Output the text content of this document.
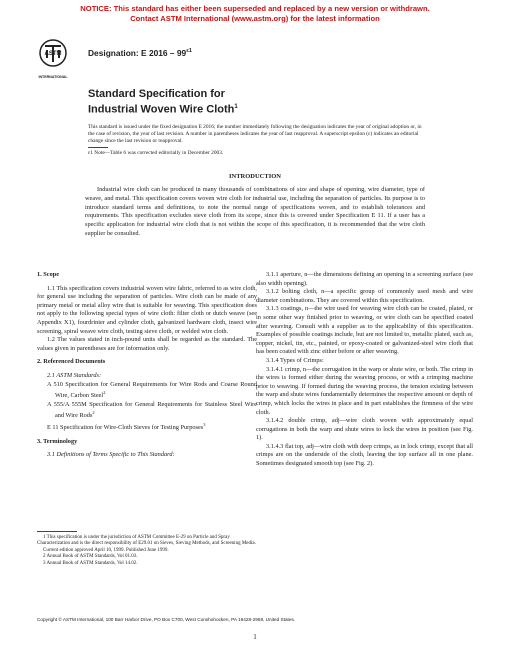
NOTICE: This standard has either been superseded and replaced by a new version or withdrawn.
Contact ASTM International (www.astm.org) for the latest information
ASTM
INTERNATIONAL
Designation: E $2016 - 99^{\varepsilon 1}$
Standard Specification for
Industrial Woven Wire Cloth$^1$
This standard is issued under the fixed designation E 2016; the number immediately following the designation indicates the year of original adoption or, in the case of revision, the year of last revision. A number in parentheses indicates the year of last reapproval. A superscript epsilon (ε) indicates an editorial change since the last revision or reapproval.
ε1 Note—Table 6 was corrected editorially in December 2003.
INTRODUCTION
Industrial wire cloth can be produced in many thousands of combinations of size and shape of opening, wire diameter, type of weave, and metal. This specification covers woven wire cloth for industrial use, including the separation of particles. Its purpose is to introduce standard terms and definitions, to note the normal range of specifications woven, and to establish tolerances and requirements. This specification excludes sieve cloth from its scope, since this is covered under Specification E 11. If a user has a specific application for industrial wire cloth that is not within the scope of this specification, it is recommended that the wire cloth supplier be consulted.

1. Scope

1.1 This specification covers industrial woven wire fabric, referred to as wire cloth, for general use including the separation of particles. Wire cloth can be made of any primary metal or metal alloy wire that is suitable for weaving. This specification does not apply to the following special types of wire cloth: filter cloth or dutch weave (see Appendix X1), fourdrinier and cylinder cloth, galvanized hardware cloth, insect wire screening, spiral weave wire cloth, testing sieve cloth, or welded wire cloth.

1.2 The values stated in inch-pound units shall be regarded as the standard. The values given in parentheses are for information only.

2. Referenced Documents

2.1 ASTM Standards:

A 510 Specification for General Requirements for Wire Rods and Coarse Round Wire, Carbon Steel$^2$

A 555/A 555M Specification for General Requirements for Stainless Steel Wire and Wire Rods$^2$

E 11 Specification for Wire-Cloth Sieves for Testing Purposes$^3$

3. Terminology

3.1 Definitions of Terms Specific to This Standard:

3.1.1 aperture, n—the dimensions defining an opening in a screening surface (see also width opening).

3.1.2 bolting cloth, n—a specific group of commonly used mesh and wire diameter combinations. They are covered within this specification.

3.1.3 coatings, n—the wire used for weaving wire cloth can be coated, plated, or in some other way finished prior to weaving, or wire cloth can be specified coated after weaving. Consult with a supplier as to the applicability of this specification. Examples of possible coatings include, but are not limited to, metallic plated, such as, copper, nickel, tin, etc., painted, or epoxy-coated or galvanized-steel wire cloth that has been coated with zinc either before or after weaving.

3.1.4 Types of Crimps:

3.1.4.1 crimp, n—the corrugation in the warp or shute wire, or both. The crimp in the wires is formed either during the weaving process, or with a crimping machine prior to weaving. If formed during the weaving process, the tension existing between the warp and shute wires fundamentally determines the respective amount or depth of crimp, which locks the wires in place and in part establishes the firmness of the wire cloth.

3.1.4.2 double crimp, adj—wire cloth woven with approximately equal corrugations in both the warp and shute wires to lock the wires in position (see Fig. 1).

3.1.4.3 flat top, adj—wire cloth with deep crimps, as in lock crimp, except that all crimps are on the underside of the cloth, leaving the top surface all in one plane. Sometimes designated smooth top (see Fig. 2).

1 This specification is under the jurisdiction of ASTM Committee E-29 on Particle and Spray Characterization and is the direct responsibility of E29.01 on Sieves, Sieving Methods, and Screening Media.

Current edition approved April 10, 1999. Published June 1999.

2 Annual Book of ASTM Standards, Vol 01.03.

3 Annual Book of ASTM Standards, Vol 14.02.

Copyright © ASTM International, 100 Barr Harbor Drive, PO Box C700, West Conshohocken, PA 19428-2959, United States.
1
